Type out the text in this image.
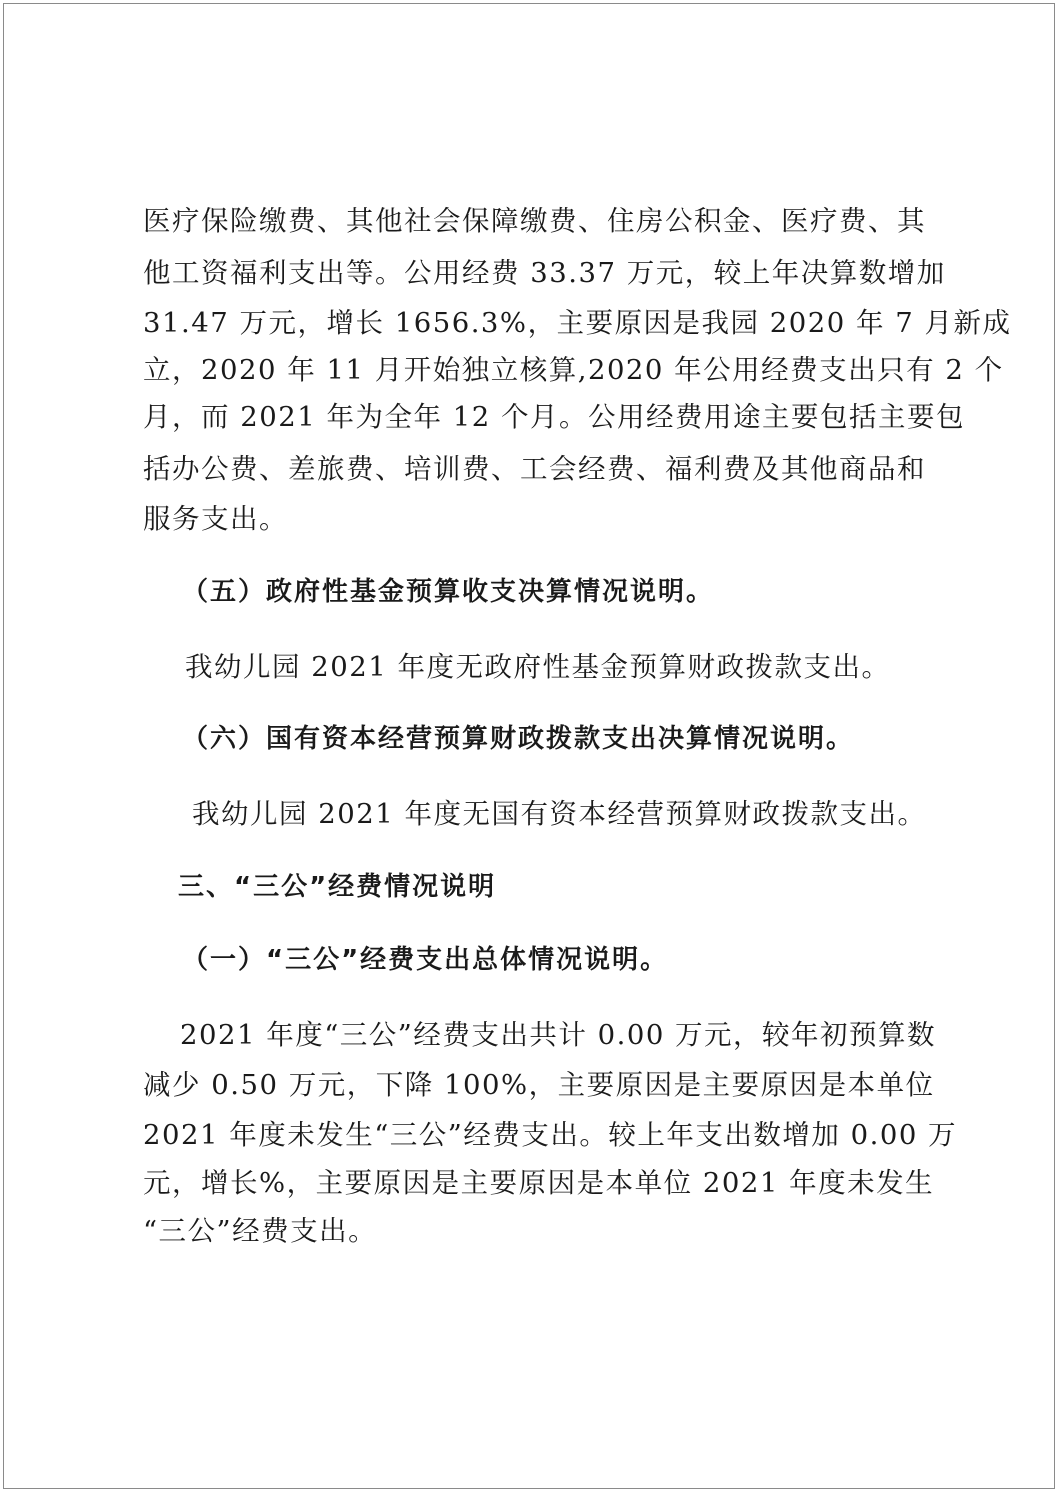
医疗保险缴费、其他社会保障缴费、住房公积金、医疗费、其
他工资福利支出等。公用经费 33.37 万元，较上年决算数增加
31.47 万元，增长 1656.3%，主要原因是我园 2020 年 7 月新成
立，2020 年 11 月开始独立核算,2020 年公用经费支出只有 2 个
月，而 2021 年为全年 12 个月。公用经费用途主要包括主要包
括办公费、差旅费、培训费、工会经费、福利费及其他商品和
服务支出。
（五）政府性基金预算收支决算情况说明。
我幼儿园 2021 年度无政府性基金预算财政拨款支出。
（六）国有资本经营预算财政拨款支出决算情况说明。
我幼儿园 2021 年度无国有资本经营预算财政拨款支出。
三、“三公”经费情况说明
（一）“三公”经费支出总体情况说明。
2021 年度“三公”经费支出共计 0.00 万元，较年初预算数
减少 0.50 万元，下降 100%，主要原因是主要原因是本单位
2021 年度未发生“三公”经费支出。较上年支出数增加 0.00 万
元，增长%，主要原因是主要原因是本单位 2021 年度未发生
“三公”经费支出。
